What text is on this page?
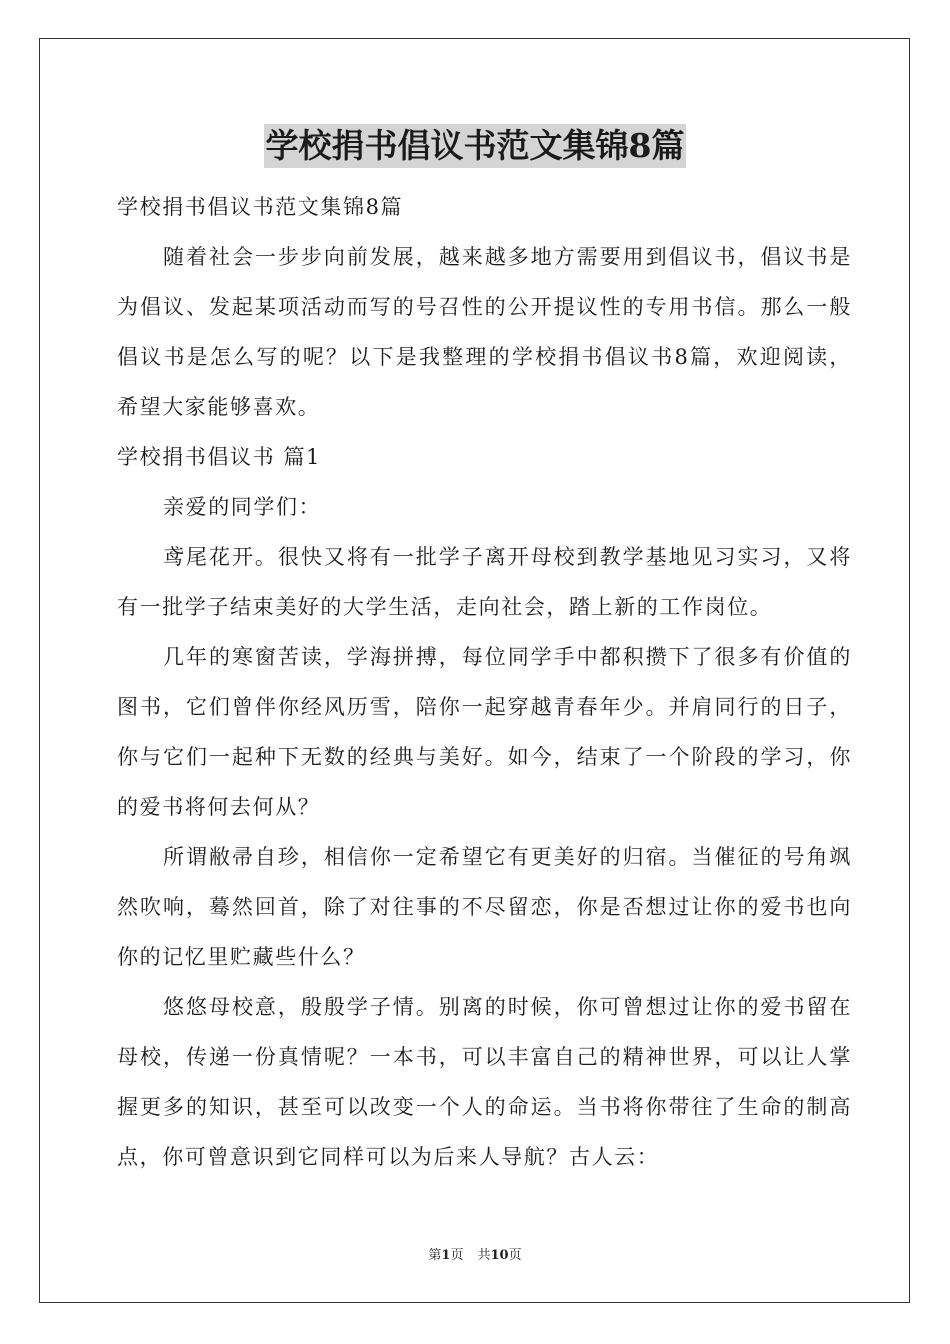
学校捐书倡议书范文集锦8篇

学校捐书倡议书范文集锦8篇

随着社会一步步向前发展，越来越多地方需要用到倡议书，倡议书是为倡议、发起某项活动而写的号召性的公开提议性的专用书信。那么一般倡议书是怎么写的呢？以下是我整理的学校捐书倡议书8篇，欢迎阅读，希望大家能够喜欢。

学校捐书倡议书 篇1

亲爱的同学们：

鸢尾花开。很快又将有一批学子离开母校到教学基地见习实习，又将有一批学子结束美好的大学生活，走向社会，踏上新的工作岗位。

几年的寒窗苦读，学海拼搏，每位同学手中都积攒下了很多有价值的图书，它们曾伴你经风历雪，陪你一起穿越青春年少。并肩同行的日子，你与它们一起种下无数的经典与美好。如今，结束了一个阶段的学习，你的爱书将何去何从？

所谓敝帚自珍，相信你一定希望它有更美好的归宿。当催征的号角飒然吹响，蓦然回首，除了对往事的不尽留恋，你是否想过让你的爱书也向你的记忆里贮藏些什么？

悠悠母校意，殷殷学子情。别离的时候，你可曾想过让你的爱书留在母校，传递一份真情呢？一本书，可以丰富自己的精神世界，可以让人掌握更多的知识，甚至可以改变一个人的命运。当书将你带往了生命的制高点，你可曾意识到它同样可以为后来人导航？古人云：

第1页 共10页
